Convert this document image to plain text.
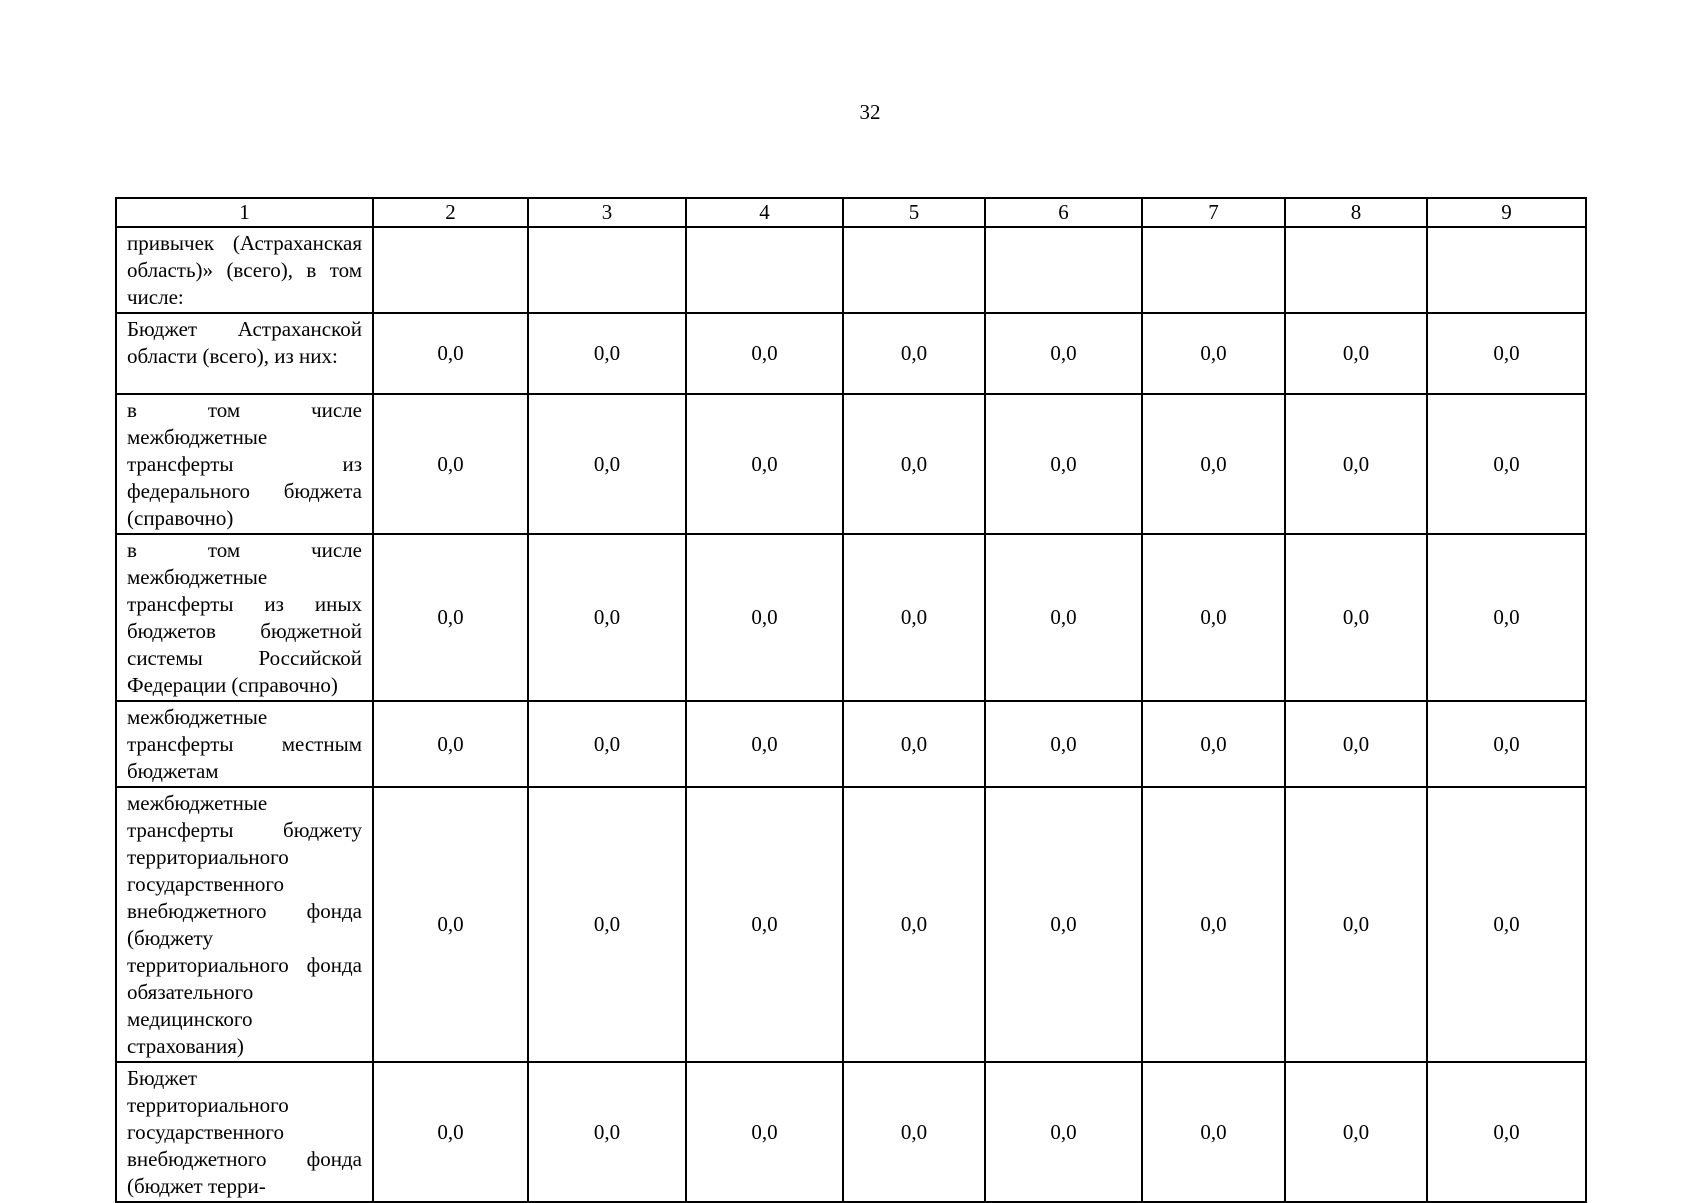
32
1	2	3	4	5	6	7	8	9
привычек (Астраханская область)» (всего), в том числе:								
Бюджет Астраханской области (всего), из них:	0,0	0,0	0,0	0,0	0,0	0,0	0,0	0,0
в том числе межбюджетные трансферты из федерального бюджета (справочно)	0,0	0,0	0,0	0,0	0,0	0,0	0,0	0,0
в том числе межбюджетные трансферты из иных бюджетов бюджетной системы Российской Федерации (справочно)	0,0	0,0	0,0	0,0	0,0	0,0	0,0	0,0
межбюджетные трансферты местным бюджетам	0,0	0,0	0,0	0,0	0,0	0,0	0,0	0,0
межбюджетные трансферты бюджету территориального государственного внебюджетного фонда (бюджету территориального фонда обязательного медицинского страхования)	0,0	0,0	0,0	0,0	0,0	0,0	0,0	0,0
Бюджет территориального государственного внебюджетного фонда (бюджет терри-	0,0	0,0	0,0	0,0	0,0	0,0	0,0	0,0
